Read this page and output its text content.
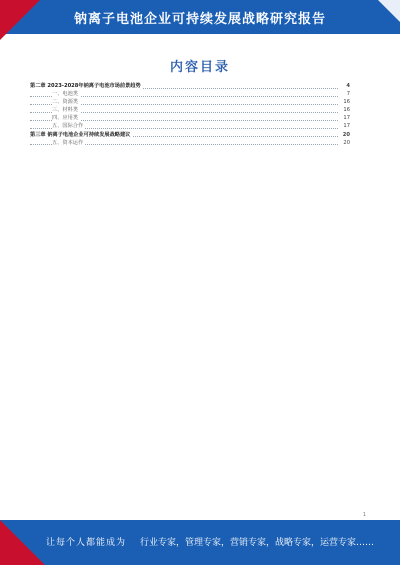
钠离子电池企业可持续发展战略研究报告
内容目录
第二章 2023-2028年钠离子电池市场前景趋势	4
一、电池类	7
二、资源类	16
三、材料类	16
四、应用类	17
五、国际合作	17
第三章 钠离子电池企业可持续发展战略建议	20
五、资本运作	20
1
让每个人都能成为 行业专家，管理专家，营销专家，战略专家，运营专家……
